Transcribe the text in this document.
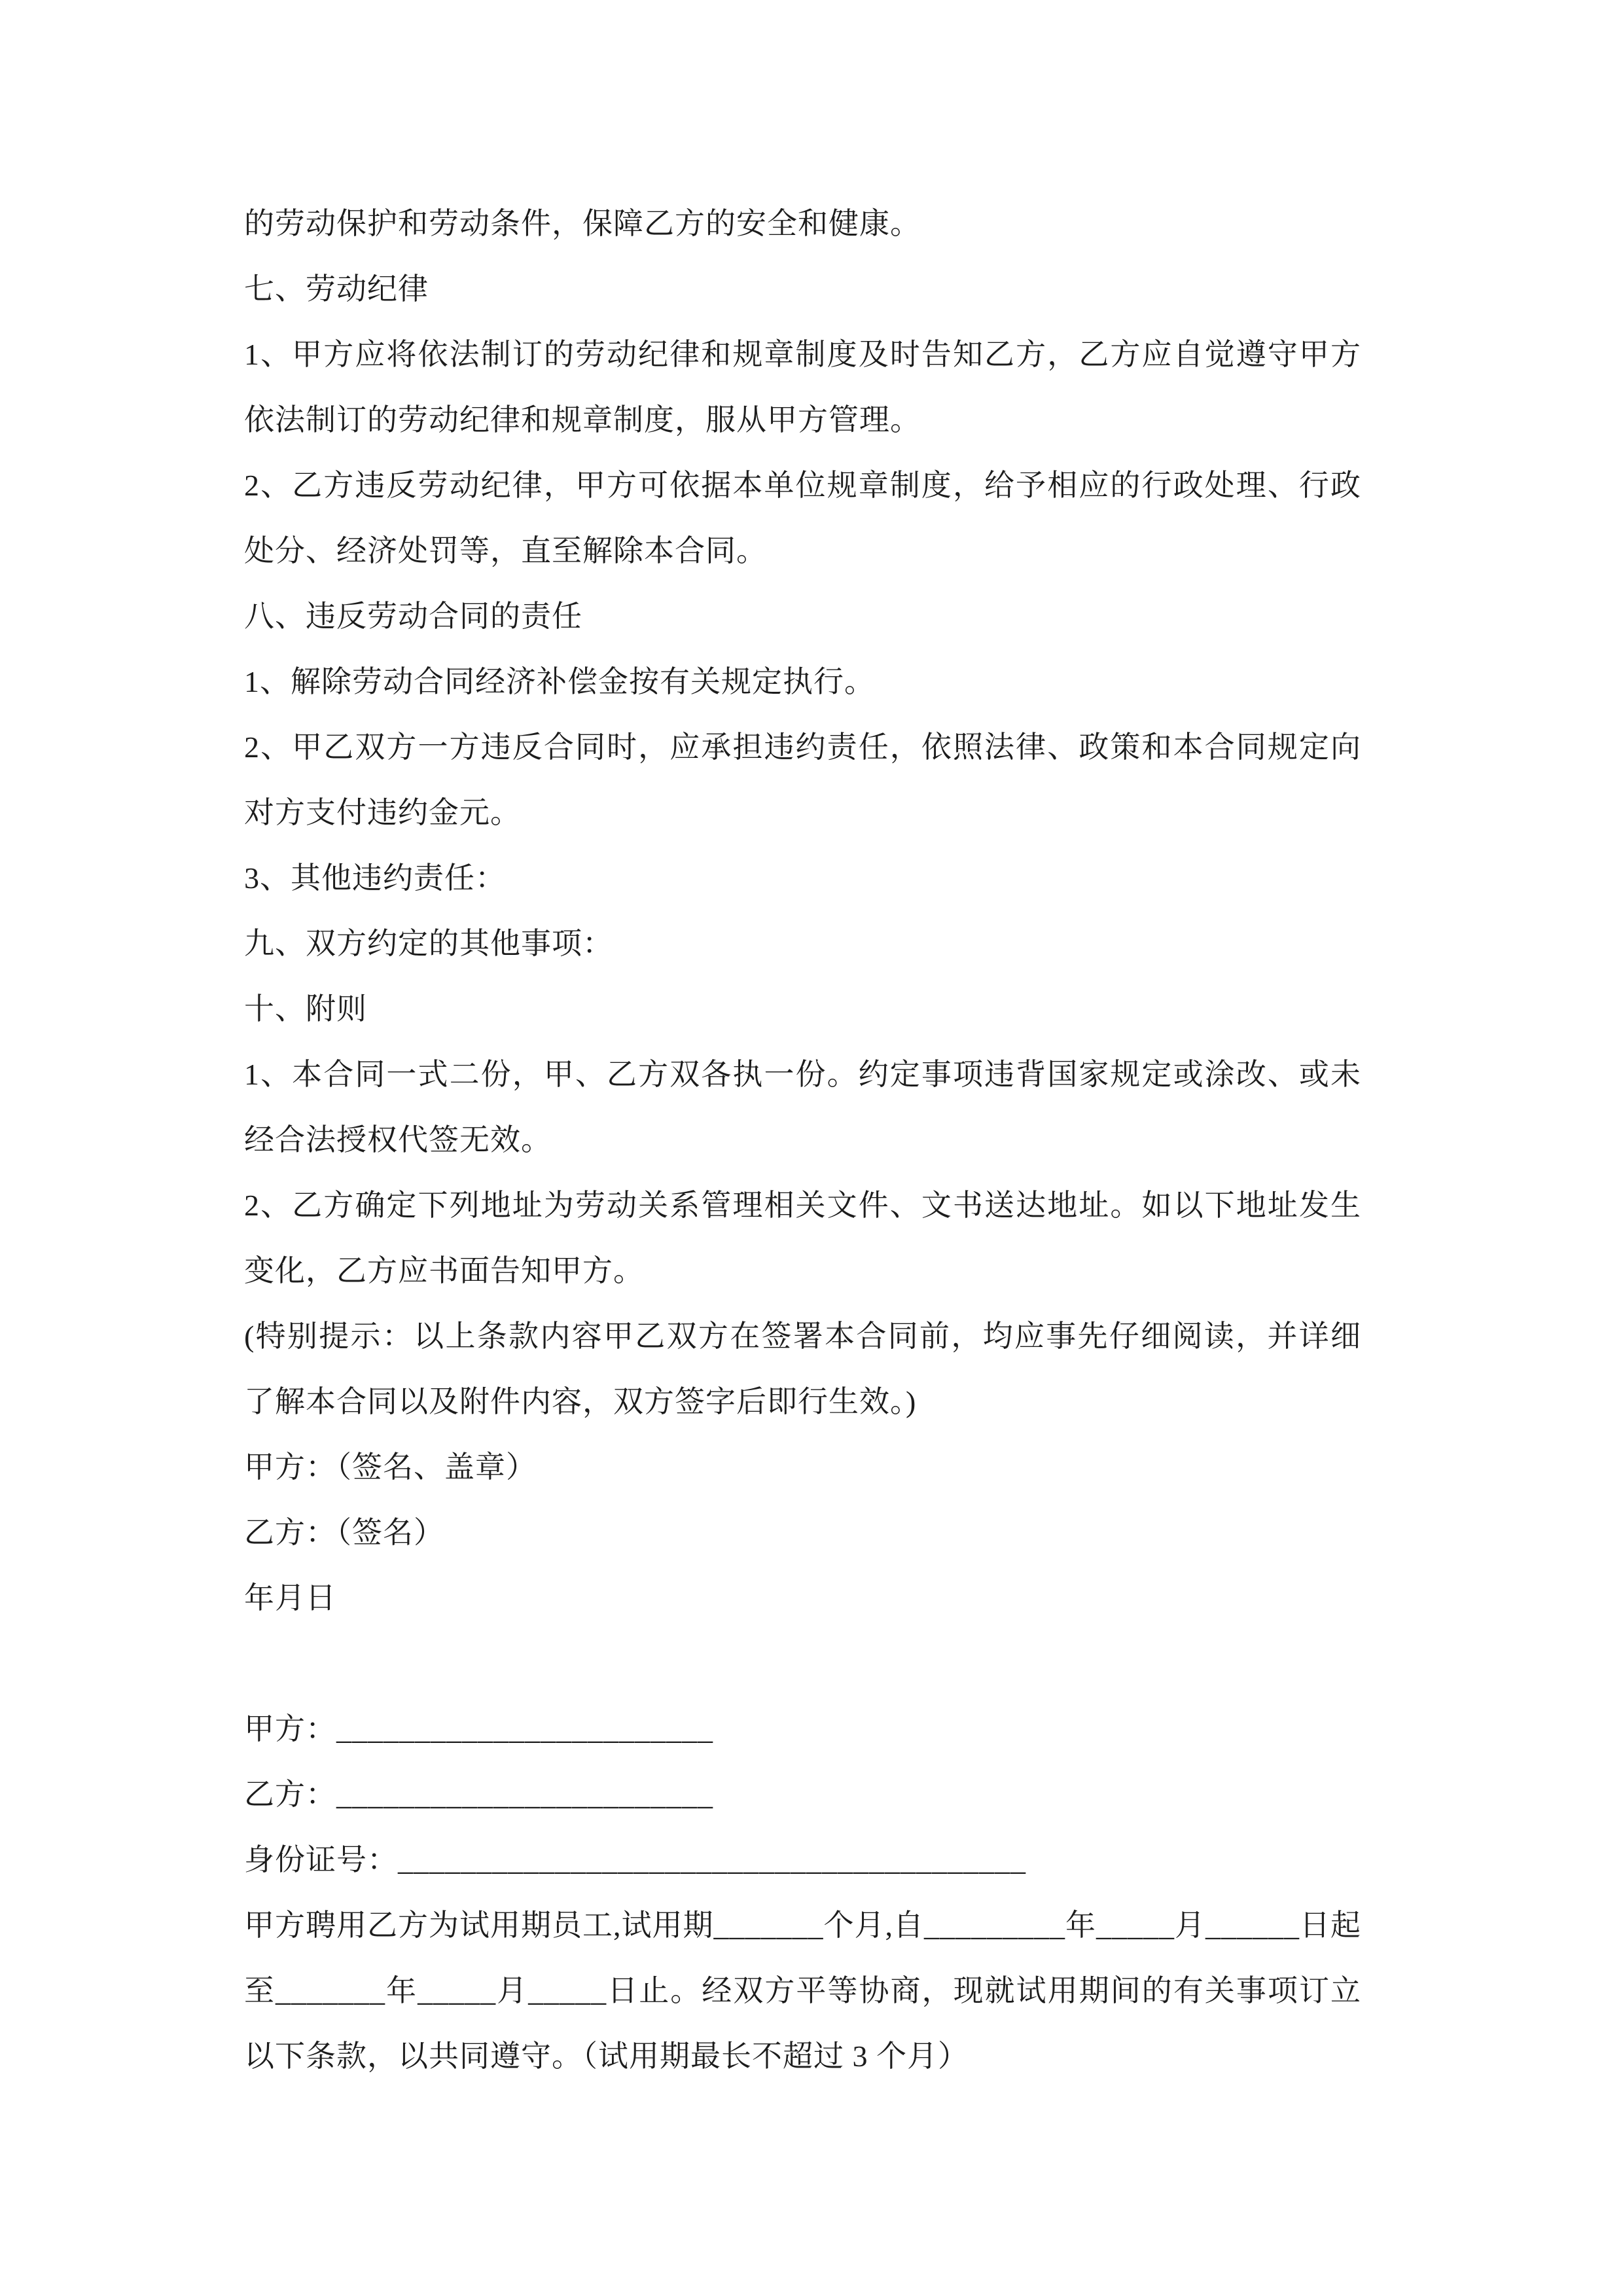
的劳动保护和劳动条件，保障乙方的安全和健康。

七、劳动纪律

1、甲方应将依法制订的劳动纪律和规章制度及时告知乙方，乙方应自觉遵守甲方依法制订的劳动纪律和规章制度，服从甲方管理。

2、乙方违反劳动纪律，甲方可依据本单位规章制度，给予相应的行政处理、行政处分、经济处罚等，直至解除本合同。

八、违反劳动合同的责任

1、解除劳动合同经济补偿金按有关规定执行。

2、甲乙双方一方违反合同时，应承担违约责任，依照法律、政策和本合同规定向对方支付违约金元。

3、其他违约责任：

九、双方约定的其他事项：

十、附则

1、本合同一式二份，甲、乙方双各执一份。约定事项违背国家规定或涂改、或未经合法授权代签无效。

2、乙方确定下列地址为劳动关系管理相关文件、文书送达地址。如以下地址发生变化，乙方应书面告知甲方。

(特别提示：以上条款内容甲乙双方在签署本合同前，均应事先仔细阅读，并详细了解本合同以及附件内容，双方签字后即行生效。)

甲方：（签名、盖章）

乙方：（签名）

年月日

甲方：________________________

乙方：________________________

身份证号：________________________________________

甲方聘用乙方为试用期员工,试用期_______个月,自_________年_____月______日起至_______年_____月_____日止。经双方平等协商，现就试用期间的有关事项订立以下条款，以共同遵守。（试用期最长不超过 3 个月）
